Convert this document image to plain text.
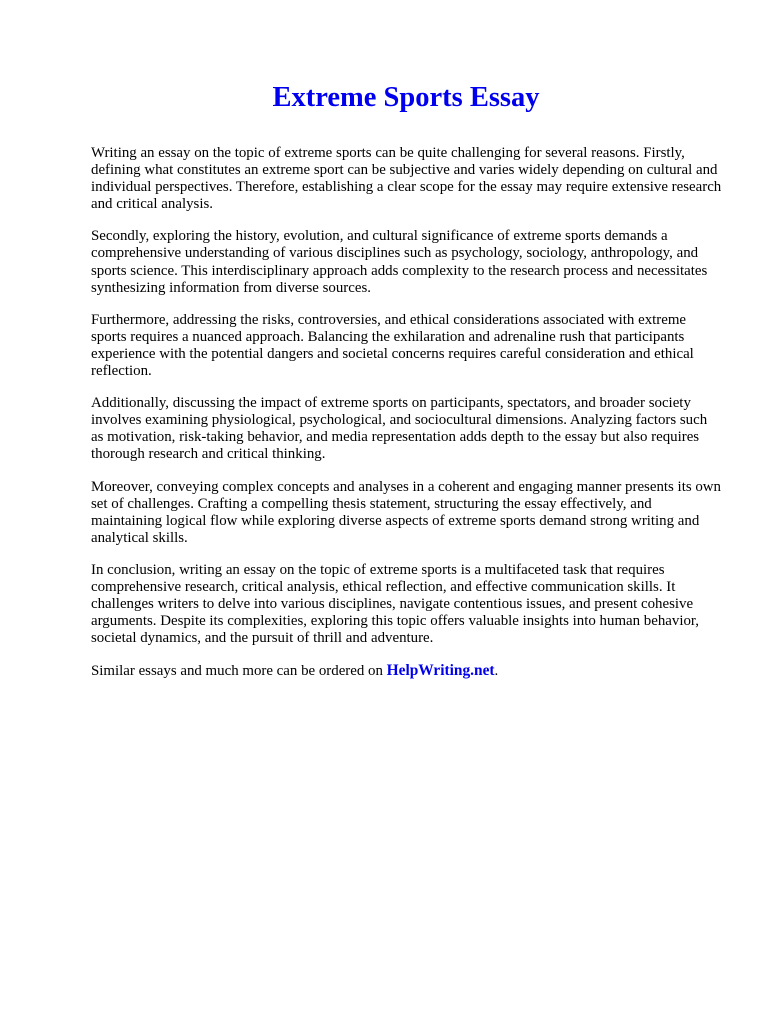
Extreme Sports Essay

Writing an essay on the topic of extreme sports can be quite challenging for several reasons. Firstly, defining what constitutes an extreme sport can be subjective and varies widely depending on cultural and individual perspectives. Therefore, establishing a clear scope for the essay may require extensive research and critical analysis.

Secondly, exploring the history, evolution, and cultural significance of extreme sports demands a comprehensive understanding of various disciplines such as psychology, sociology, anthropology, and sports science. This interdisciplinary approach adds complexity to the research process and necessitates synthesizing information from diverse sources.

Furthermore, addressing the risks, controversies, and ethical considerations associated with extreme sports requires a nuanced approach. Balancing the exhilaration and adrenaline rush that participants experience with the potential dangers and societal concerns requires careful consideration and ethical reflection.

Additionally, discussing the impact of extreme sports on participants, spectators, and broader society involves examining physiological, psychological, and sociocultural dimensions. Analyzing factors such as motivation, risk-taking behavior, and media representation adds depth to the essay but also requires thorough research and critical thinking.

Moreover, conveying complex concepts and analyses in a coherent and engaging manner presents its own set of challenges. Crafting a compelling thesis statement, structuring the essay effectively, and maintaining logical flow while exploring diverse aspects of extreme sports demand strong writing and analytical skills.

In conclusion, writing an essay on the topic of extreme sports is a multifaceted task that requires comprehensive research, critical analysis, ethical reflection, and effective communication skills. It challenges writers to delve into various disciplines, navigate contentious issues, and present cohesive arguments. Despite its complexities, exploring this topic offers valuable insights into human behavior, societal dynamics, and the pursuit of thrill and adventure.

Similar essays and much more can be ordered on HelpWriting.net.
